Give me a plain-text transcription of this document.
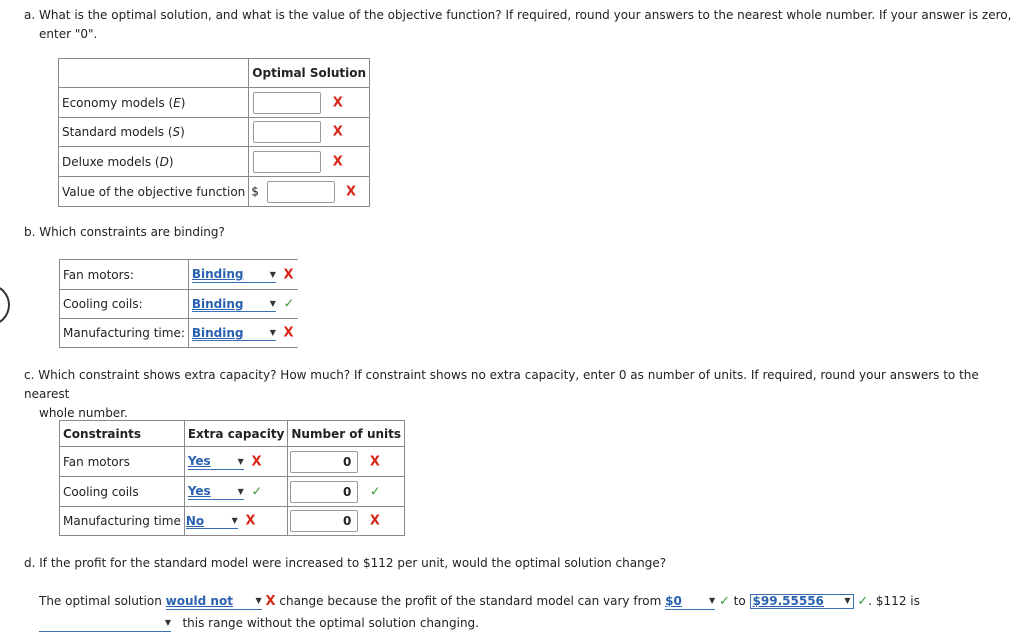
a. What is the optimal solution, and what is the value of the objective function? If required, round your answers to the nearest whole number. If your answer is zero,
enter "0".
	Optimal Solution
Economy models (E)	X
Standard models (S)	X
Deluxe models (D)	X
Value of the objective function	$ X
b. Which constraints are binding?
Fan motors:	Binding ▼ X
Cooling coils:	Binding ▼ ✓
Manufacturing time:	Binding ▼ X
c. Which constraint shows extra capacity? How much? If constraint shows no extra capacity, enter 0 as number of units. If required, round your answers to the nearest
whole number.
Constraints	Extra capacity	Number of units
Fan motors	Yes ▼ X	0 X
Cooling coils	Yes ▼ ✓	0 ✓
Manufacturing time	No ▼ X	0 X
d. If the profit for the standard model were increased to $112 per unit, would the optimal solution change?
The optimal solution would not	▼ X change because the profit of the standard model can vary from $0	▼ ✓ to $99.55556	▼ ✓. $112 is
▼ this range without the optimal solution changing.
